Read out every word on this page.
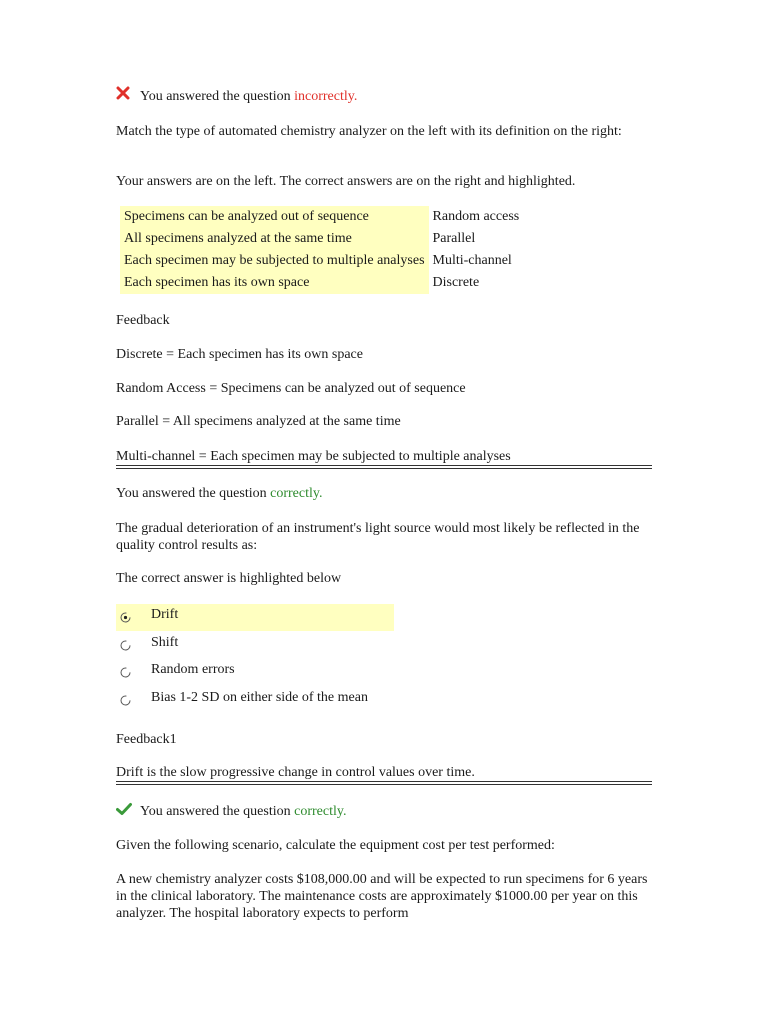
You answered the question incorrectly.
Match the type of automated chemistry analyzer on the left with its definition on the right:
Your answers are on the left. The correct answers are on the right and highlighted.
Specimens can be analyzed out of sequence	Random access
All specimens analyzed at the same time	Parallel
Each specimen may be subjected to multiple analyses	Multi-channel
Each specimen has its own space	Discrete
Feedback
Discrete = Each specimen has its own space
Random Access = Specimens can be analyzed out of sequence
Parallel = All specimens analyzed at the same time
Multi-channel = Each specimen may be subjected to multiple analyses
You answered the question correctly.
The gradual deterioration of an instrument's light source would most likely be reflected in the quality control results as:
The correct answer is highlighted below
Drift
Shift
Random errors
Bias 1-2 SD on either side of the mean
Feedback1
Drift is the slow progressive change in control values over time.
You answered the question correctly.
Given the following scenario, calculate the equipment cost per test performed:
A new chemistry analyzer costs $108,000.00 and will be expected to run specimens for 6 years in the clinical laboratory. The maintenance costs are approximately $1000.00 per year on this analyzer. The hospital laboratory expects to perform
